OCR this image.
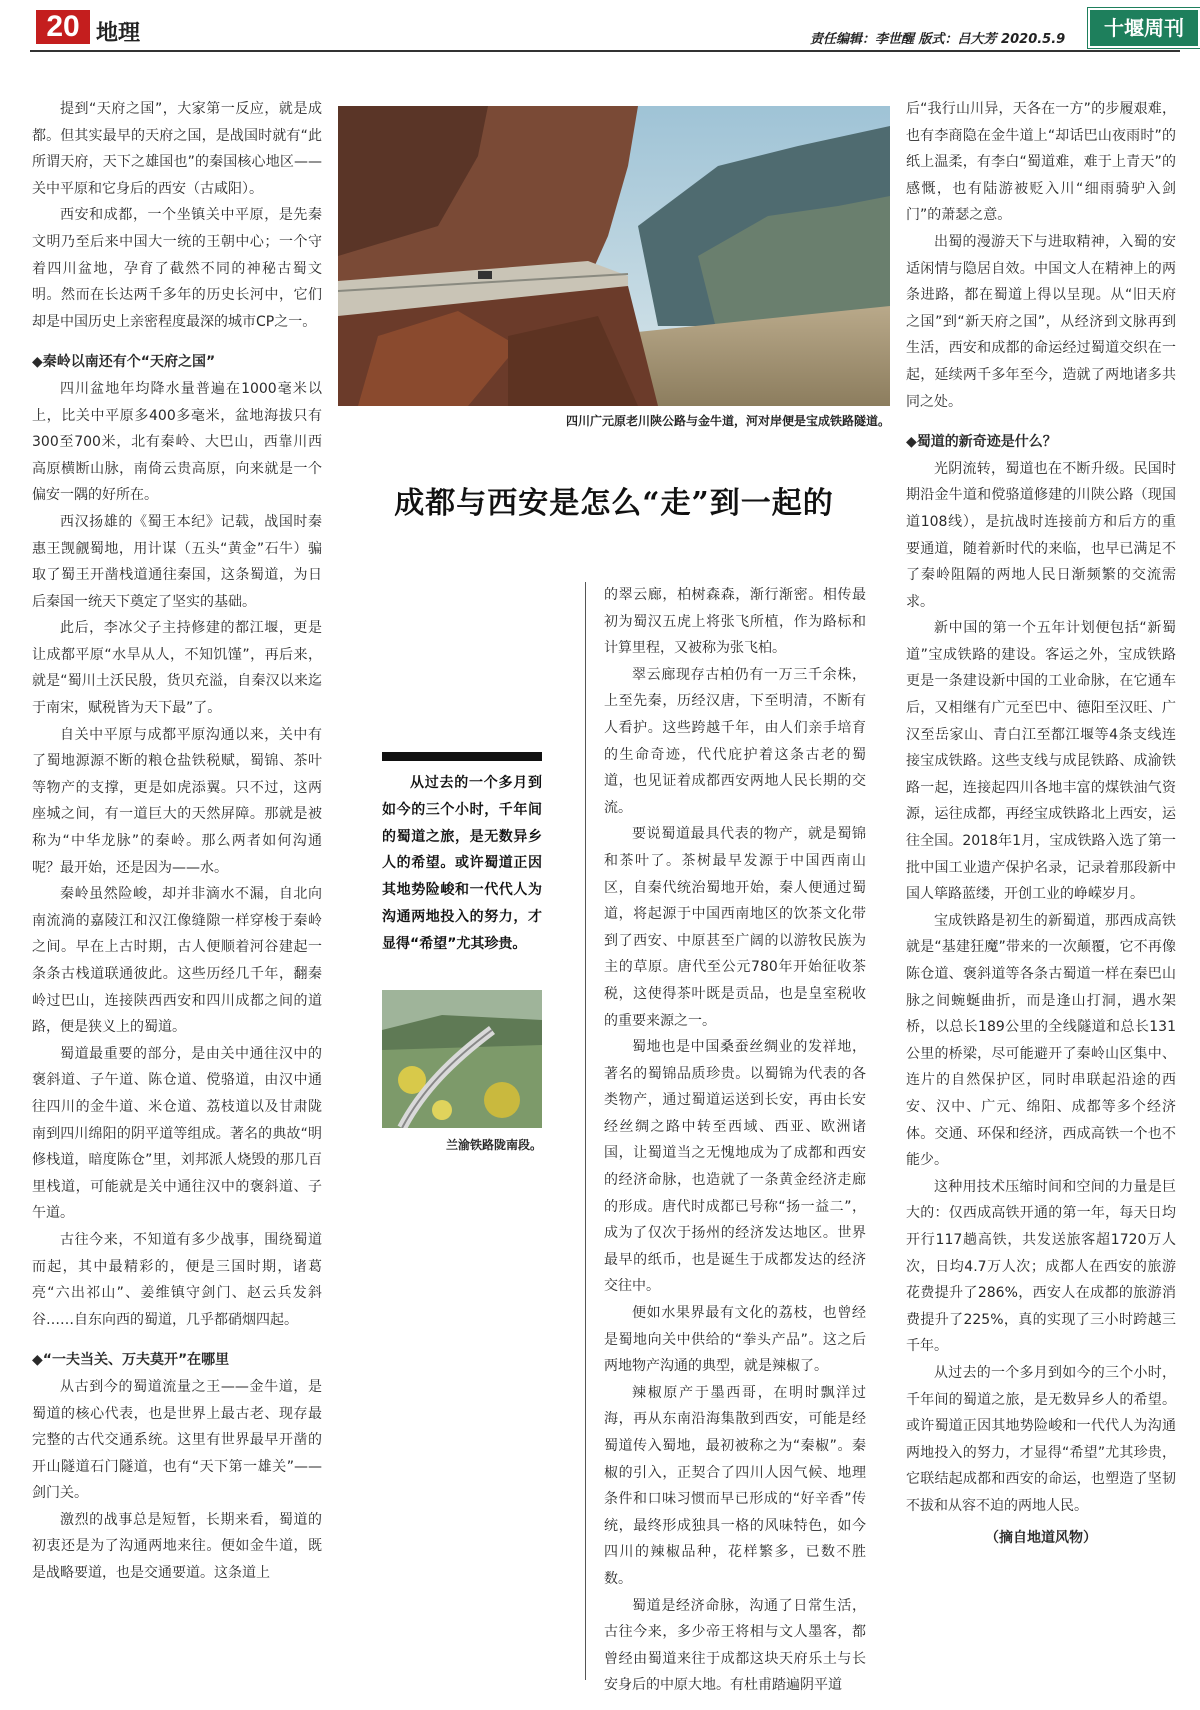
20 地理	责任编辑：李世醒 版式：吕大芳 2020.5.9	十堰周刊

提到“天府之国”，大家第一反应，就是成都。但其实最早的天府之国，是战国时就有“此所谓天府，天下之雄国也”的秦国核心地区——关中平原和它身后的西安（古咸阳）。

西安和成都，一个坐镇关中平原，是先秦文明乃至后来中国大一统的王朝中心；一个守着四川盆地，孕育了截然不同的神秘古蜀文明。然而在长达两千多年的历史长河中，它们却是中国历史上亲密程度最深的城市CP之一。

◆秦岭以南还有个“天府之国”

四川盆地年均降水量普遍在1000毫米以上，比关中平原多400多毫米，盆地海拔只有300至700米，北有秦岭、大巴山，西靠川西高原横断山脉，南倚云贵高原，向来就是一个偏安一隅的好所在。

西汉扬雄的《蜀王本纪》记载，战国时秦惠王觊觎蜀地，用计谋（五头“黄金”石牛）骗取了蜀王开凿栈道通往秦国，这条蜀道，为日后秦国一统天下奠定了坚实的基础。

此后，李冰父子主持修建的都江堰，更是让成都平原“水旱从人，不知饥馑”，再后来，就是“蜀川土沃民殷，货贝充溢，自秦汉以来迄于南宋，赋税皆为天下最”了。

自关中平原与成都平原沟通以来，关中有了蜀地源源不断的粮仓盐铁税赋，蜀锦、茶叶等物产的支撑，更是如虎添翼。只不过，这两座城之间，有一道巨大的天然屏障。那就是被称为“中华龙脉”的秦岭。那么两者如何沟通呢？最开始，还是因为——水。

秦岭虽然险峻，却并非滴水不漏，自北向南流淌的嘉陵江和汉江像缝隙一样穿梭于秦岭之间。早在上古时期，古人便顺着河谷建起一条条古栈道联通彼此。这些历经几千年，翻秦岭过巴山，连接陕西西安和四川成都之间的道路，便是狭义上的蜀道。

蜀道最重要的部分，是由关中通往汉中的褒斜道、子午道、陈仓道、傥骆道，由汉中通往四川的金牛道、米仓道、荔枝道以及甘肃陇南到四川绵阳的阴平道等组成。著名的典故“明修栈道，暗度陈仓”里，刘邦派人烧毁的那几百里栈道，可能就是关中通往汉中的褒斜道、子午道。

古往今来，不知道有多少战事，围绕蜀道而起，其中最精彩的，便是三国时期，诸葛亮“六出祁山”、姜维镇守剑门、赵云兵发斜谷……自东向西的蜀道，几乎都硝烟四起。

◆“一夫当关、万夫莫开”在哪里

从古到今的蜀道流量之王——金牛道，是蜀道的核心代表，也是世界上最古老、现存最完整的古代交通系统。这里有世界最早开凿的开山隧道石门隧道，也有“天下第一雄关”——剑门关。

激烈的战事总是短暂，长期来看，蜀道的初衷还是为了沟通两地来往。便如金牛道，既是战略要道，也是交通要道。这条道上

四川广元原老川陕公路与金牛道，河对岸便是宝成铁路隧道。
成都与西安是怎么“走”到一起的
从过去的一个多月到如今的三个小时，千年间的蜀道之旅，是无数异乡人的希望。或许蜀道正因其地势险峻和一代代人为沟通两地投入的努力，才显得“希望”尤其珍贵。
兰渝铁路陇南段。

的翠云廊，柏树森森，渐行渐密。相传最初为蜀汉五虎上将张飞所植，作为路标和计算里程，又被称为张飞柏。

翠云廊现存古柏仍有一万三千余株，上至先秦，历经汉唐，下至明清，不断有人看护。这些跨越千年，由人们亲手培育的生命奇迹，代代庇护着这条古老的蜀道，也见证着成都西安两地人民长期的交流。

要说蜀道最具代表的物产，就是蜀锦和茶叶了。茶树最早发源于中国西南山区，自秦代统治蜀地开始，秦人便通过蜀道，将起源于中国西南地区的饮茶文化带到了西安、中原甚至广阔的以游牧民族为主的草原。唐代至公元780年开始征收茶税，这使得茶叶既是贡品，也是皇室税收的重要来源之一。

蜀地也是中国桑蚕丝绸业的发祥地，著名的蜀锦品质珍贵。以蜀锦为代表的各类物产，通过蜀道运送到长安，再由长安经丝绸之路中转至西域、西亚、欧洲诸国，让蜀道当之无愧地成为了成都和西安的经济命脉，也造就了一条黄金经济走廊的形成。唐代时成都已号称“扬一益二”，成为了仅次于扬州的经济发达地区。世界最早的纸币，也是诞生于成都发达的经济交往中。

便如水果界最有文化的荔枝，也曾经是蜀地向关中供给的“拳头产品”。这之后两地物产沟通的典型，就是辣椒了。

辣椒原产于墨西哥，在明时飘洋过海，再从东南沿海集散到西安，可能是经蜀道传入蜀地，最初被称之为“秦椒”。秦椒的引入，正契合了四川人因气候、地理条件和口味习惯而早已形成的“好辛香”传统，最终形成独具一格的风味特色，如今四川的辣椒品种，花样繁多，已数不胜数。

蜀道是经济命脉，沟通了日常生活，古往今来，多少帝王将相与文人墨客，都曾经由蜀道来往于成都这块天府乐土与长安身后的中原大地。有杜甫踏遍阴平道

后“我行山川异，天各在一方”的步履艰难，也有李商隐在金牛道上“却话巴山夜雨时”的纸上温柔，有李白“蜀道难，难于上青天”的感慨，也有陆游被贬入川“细雨骑驴入剑门”的萧瑟之意。

出蜀的漫游天下与进取精神，入蜀的安适闲情与隐居自效。中国文人在精神上的两条进路，都在蜀道上得以呈现。从“旧天府之国”到“新天府之国”，从经济到文脉再到生活，西安和成都的命运经过蜀道交织在一起，延续两千多年至今，造就了两地诸多共同之处。

◆蜀道的新奇迹是什么？

光阴流转，蜀道也在不断升级。民国时期沿金牛道和傥骆道修建的川陕公路（现国道108线），是抗战时连接前方和后方的重要通道，随着新时代的来临，也早已满足不了秦岭阻隔的两地人民日渐频繁的交流需求。

新中国的第一个五年计划便包括“新蜀道”宝成铁路的建设。客运之外，宝成铁路更是一条建设新中国的工业命脉，在它通车后，又相继有广元至巴中、德阳至汉旺、广汉至岳家山、青白江至都江堰等4条支线连接宝成铁路。这些支线与成昆铁路、成渝铁路一起，连接起四川各地丰富的煤铁油气资源，运往成都，再经宝成铁路北上西安，运往全国。2018年1月，宝成铁路入选了第一批中国工业遗产保护名录，记录着那段新中国人筚路蓝缕，开创工业的峥嵘岁月。

宝成铁路是初生的新蜀道，那西成高铁就是“基建狂魔”带来的一次颠覆，它不再像陈仓道、褒斜道等各条古蜀道一样在秦巴山脉之间蜿蜒曲折，而是逢山打洞，遇水架桥，以总长189公里的全线隧道和总长131公里的桥梁，尽可能避开了秦岭山区集中、连片的自然保护区，同时串联起沿途的西安、汉中、广元、绵阳、成都等多个经济体。交通、环保和经济，西成高铁一个也不能少。

这种用技术压缩时间和空间的力量是巨大的：仅西成高铁开通的第一年，每天日均开行117趟高铁，共发送旅客超1720万人次，日均4.7万人次；成都人在西安的旅游花费提升了286%，西安人在成都的旅游消费提升了225%，真的实现了三小时跨越三千年。

从过去的一个多月到如今的三个小时，千年间的蜀道之旅，是无数异乡人的希望。或许蜀道正因其地势险峻和一代代人为沟通两地投入的努力，才显得“希望”尤其珍贵，它联结起成都和西安的命运，也塑造了坚韧不拔和从容不迫的两地人民。

（摘自地道风物）
